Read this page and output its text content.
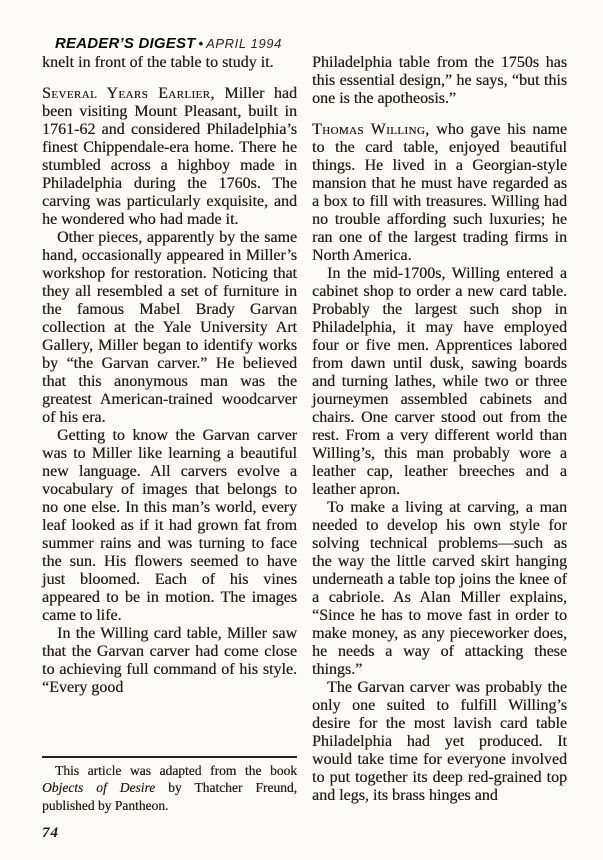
READER’S DIGEST • APRIL 1994

knelt in front of the table to study it.

Several Years Earlier, Miller had been visiting Mount Pleasant, built in 1761-62 and considered Philadelphia’s finest Chippendale-era home. There he stumbled across a highboy made in Philadelphia during the 1760s. The carving was particularly exquisite, and he wondered who had made it.

Other pieces, apparently by the same hand, occasionally appeared in Miller’s workshop for restoration. Noticing that they all resembled a set of furniture in the famous Mabel Brady Garvan collection at the Yale University Art Gallery, Miller began to identify works by “the Garvan carver.” He believed that this anonymous man was the greatest American-trained woodcarver of his era.

Getting to know the Garvan carver was to Miller like learning a beautiful new language. All carvers evolve a vocabulary of images that belongs to no one else. In this man’s world, every leaf looked as if it had grown fat from summer rains and was turning to face the sun. His flowers seemed to have just bloomed. Each of his vines appeared to be in motion. The images came to life.

In the Willing card table, Miller saw that the Garvan carver had come close to achieving full command of his style. “Every good

This article was adapted from the book Objects of Desire by Thatcher Freund, published by Pantheon.

74

Philadelphia table from the 1750s has this essential design,” he says, “but this one is the apotheosis.”

Thomas Willing, who gave his name to the card table, enjoyed beautiful things. He lived in a Georgian-style mansion that he must have regarded as a box to fill with treasures. Willing had no trouble affording such luxuries; he ran one of the largest trading firms in North America.

In the mid-1700s, Willing entered a cabinet shop to order a new card table. Probably the largest such shop in Philadelphia, it may have employed four or five men. Apprentices labored from dawn until dusk, sawing boards and turning lathes, while two or three journeymen assembled cabinets and chairs. One carver stood out from the rest. From a very different world than Willing’s, this man probably wore a leather cap, leather breeches and a leather apron.

To make a living at carving, a man needed to develop his own style for solving technical problems—such as the way the little carved skirt hanging underneath a table top joins the knee of a cabriole. As Alan Miller explains, “Since he has to move fast in order to make money, as any pieceworker does, he needs a way of attacking these things.”

The Garvan carver was probably the only one suited to fulfill Willing’s desire for the most lavish card table Philadelphia had yet produced. It would take time for everyone involved to put together its deep red-grained top and legs, its brass hinges and
